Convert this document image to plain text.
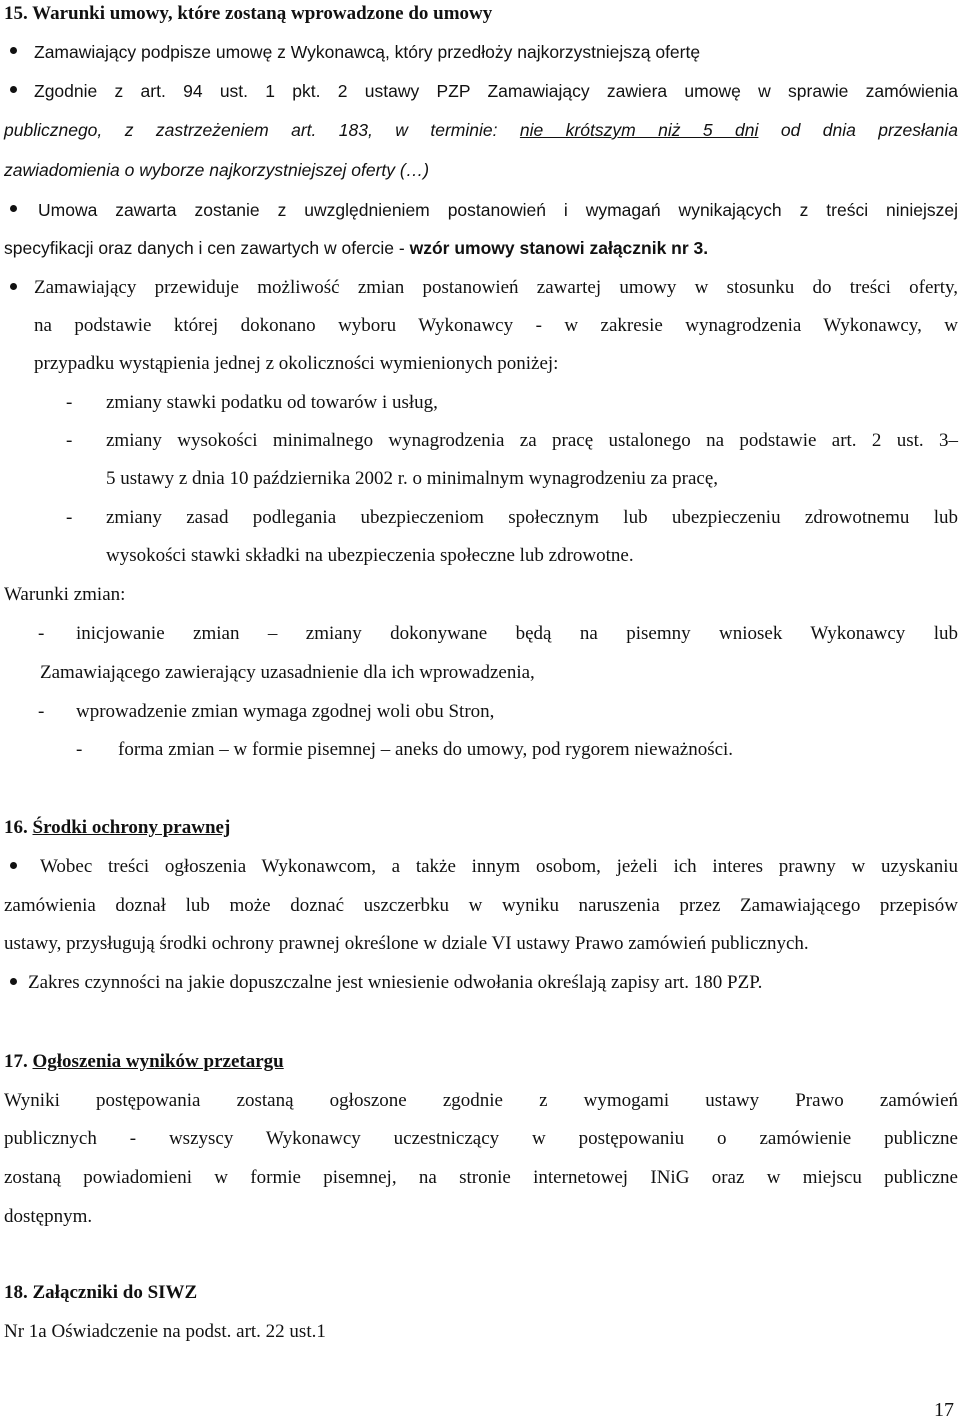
15. Warunki umowy, które zostaną wprowadzone do umowy
Zamawiający podpisze umowę z Wykonawcą, który przedłoży najkorzystniejszą ofertę
Zgodnie z art. 94 ust. 1 pkt. 2 ustawy PZP Zamawiający zawiera umowę w sprawie zamówienia
publicznego, z zastrzeżeniem art. 183, w terminie: nie krótszym niż 5 dni od dnia przesłania
zawiadomienia o wyborze najkorzystniejszej oferty (…)
Umowa zawarta zostanie z uwzględnieniem postanowień i wymagań wynikających z treści niniejszej
specyfikacji oraz danych i cen zawartych w ofercie - wzór umowy stanowi załącznik nr 3.
Zamawiający przewiduje możliwość zmian postanowień zawartej umowy w stosunku do treści oferty,
na podstawie której dokonano wyboru Wykonawcy - w zakresie wynagrodzenia Wykonawcy, w
przypadku wystąpienia jednej z okoliczności wymienionych poniżej:
- zmiany stawki podatku od towarów i usług,
- zmiany wysokości minimalnego wynagrodzenia za pracę ustalonego na podstawie art. 2 ust. 3–
5 ustawy z dnia 10 października 2002 r. o minimalnym wynagrodzeniu za pracę,
- zmiany zasad podlegania ubezpieczeniom społecznym lub ubezpieczeniu zdrowotnemu lub
wysokości stawki składki na ubezpieczenia społeczne lub zdrowotne.
Warunki zmian:
- inicjowanie zmian – zmiany dokonywane będą na pisemny wniosek Wykonawcy lub
Zamawiającego zawierający uzasadnienie dla ich wprowadzenia,
- wprowadzenie zmian wymaga zgodnej woli obu Stron,
- forma zmian – w formie pisemnej – aneks do umowy, pod rygorem nieważności.
16. Środki ochrony prawnej
Wobec treści ogłoszenia Wykonawcom, a także innym osobom, jeżeli ich interes prawny w uzyskaniu
zamówienia doznał lub może doznać uszczerbku w wyniku naruszenia przez Zamawiającego przepisów
ustawy, przysługują środki ochrony prawnej określone w dziale VI ustawy Prawo zamówień publicznych.
Zakres czynności na jakie dopuszczalne jest wniesienie odwołania określają zapisy art. 180 PZP.
17. Ogłoszenia wyników przetargu
Wyniki postępowania zostaną ogłoszone zgodnie z wymogami ustawy Prawo zamówień
publicznych - wszyscy Wykonawcy uczestniczący w postępowaniu o zamówienie publiczne
zostaną powiadomieni w formie pisemnej, na stronie internetowej INiG oraz w miejscu publiczne
dostępnym.
18. Załączniki do SIWZ
Nr 1a Oświadczenie na podst. art. 22 ust.1
17
